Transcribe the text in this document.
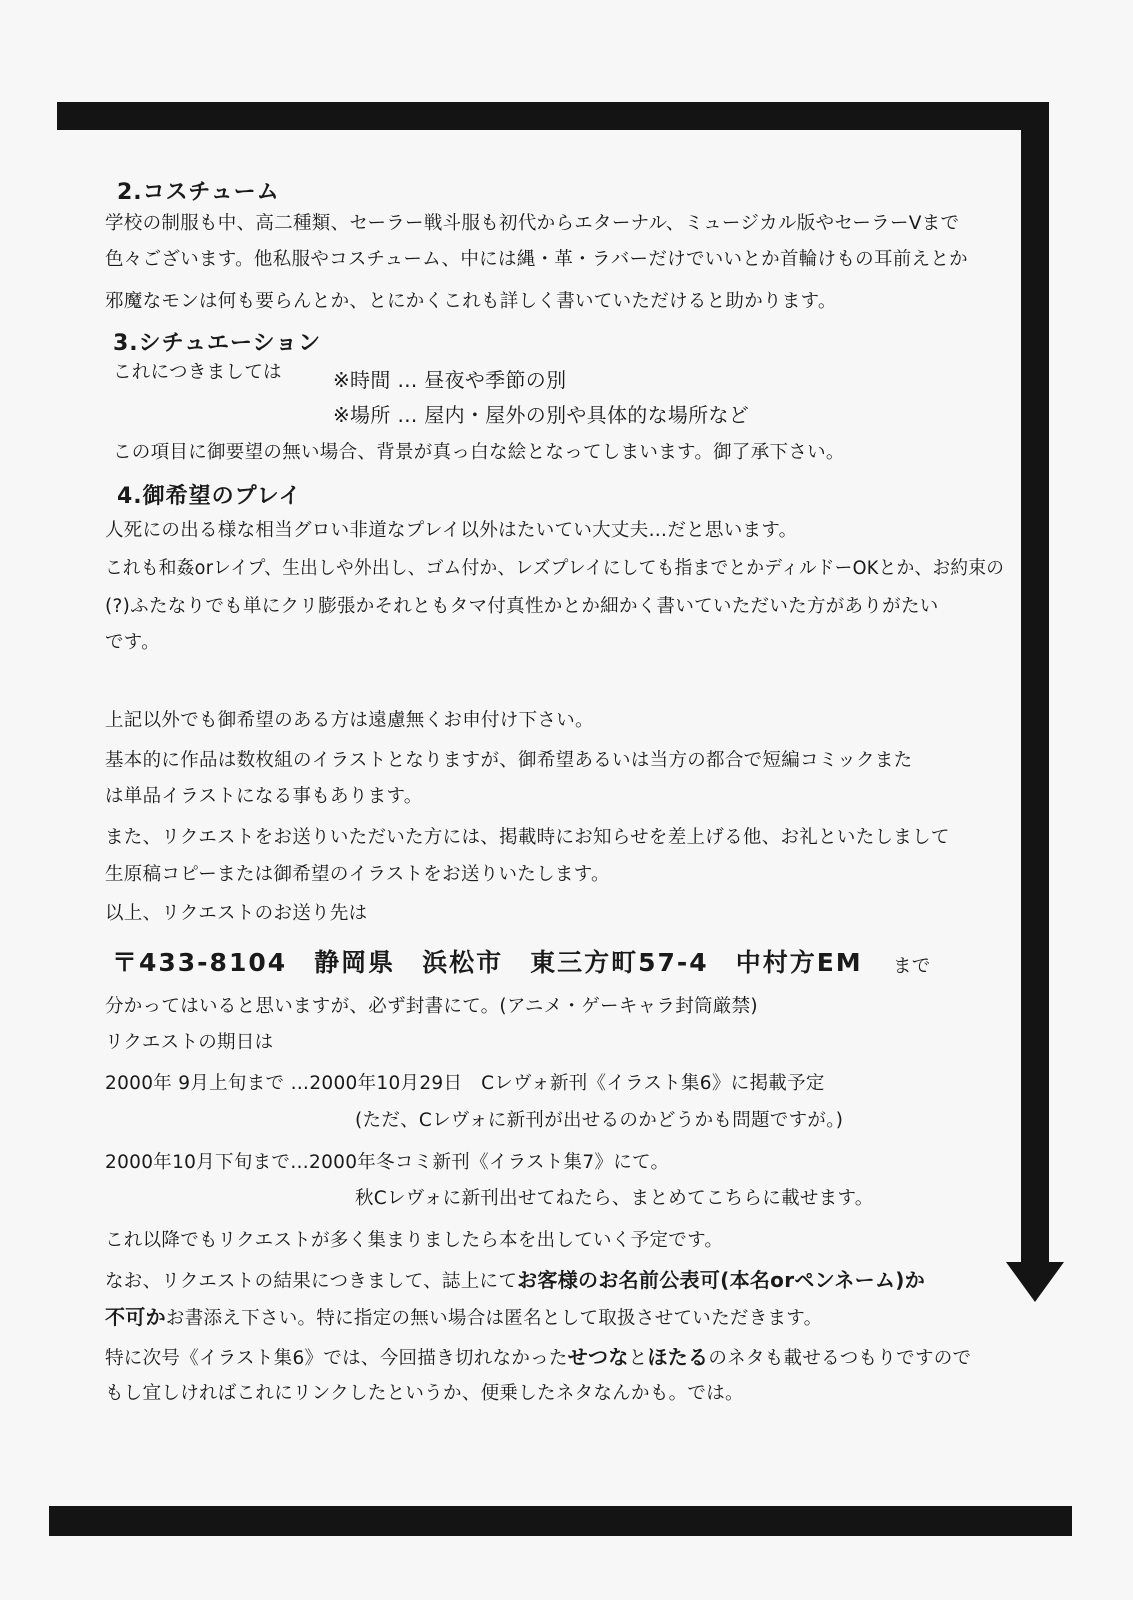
2.コスチューム
学校の制服も中、高二種類、セーラー戦斗服も初代からエターナル、ミュージカル版やセーラーVまで
色々ございます。他私服やコスチューム、中には縄・革・ラバーだけでいいとか首輪けもの耳前えとか
邪魔なモンは何も要らんとか、とにかくこれも詳しく書いていただけると助かります。
3.シチュエーション
これにつきましては	※時間 … 昼夜や季節の別
※場所 … 屋内・屋外の別や具体的な場所など
この項目に御要望の無い場合、背景が真っ白な絵となってしまいます。御了承下さい。
4.御希望のプレイ
人死にの出る様な相当グロい非道なプレイ以外はたいてい大丈夫…だと思います。
これも和姦orレイプ、生出しや外出し、ゴム付か、レズプレイにしても指までとかディルドーOKとか、お約束の
(?)ふたなりでも単にクリ膨張かそれともタマ付真性かとか細かく書いていただいた方がありがたい
です。
上記以外でも御希望のある方は遠慮無くお申付け下さい。
基本的に作品は数枚組のイラストとなりますが、御希望あるいは当方の都合で短編コミックまた
は単品イラストになる事もあります。
また、リクエストをお送りいただいた方には、掲載時にお知らせを差上げる他、お礼といたしまして
生原稿コピーまたは御希望のイラストをお送りいたします。
以上、リクエストのお送り先は
〒433-8104　静岡県　浜松市　東三方町57-4　中村方EM まで
分かってはいると思いますが、必ず封書にて。(アニメ・ゲーキャラ封筒厳禁)
リクエストの期日は
2000年 9月上旬まで …2000年10月29日　Cレヴォ新刊《イラスト集6》に掲載予定
(ただ、Cレヴォに新刊が出せるのかどうかも問題ですが。)
2000年10月下旬まで…2000年冬コミ新刊《イラスト集7》にて。
秋Cレヴォに新刊出せてねたら、まとめてこちらに載せます。
これ以降でもリクエストが多く集まりましたら本を出していく予定です。
なお、リクエストの結果につきまして、誌上にてお客様のお名前公表可(本名orペンネーム)か
不可かお書添え下さい。特に指定の無い場合は匿名として取扱させていただきます。
特に次号《イラスト集6》では、今回描き切れなかったせつなとほたるのネタも載せるつもりですので
もし宜しければこれにリンクしたというか、便乗したネタなんかも。では。
